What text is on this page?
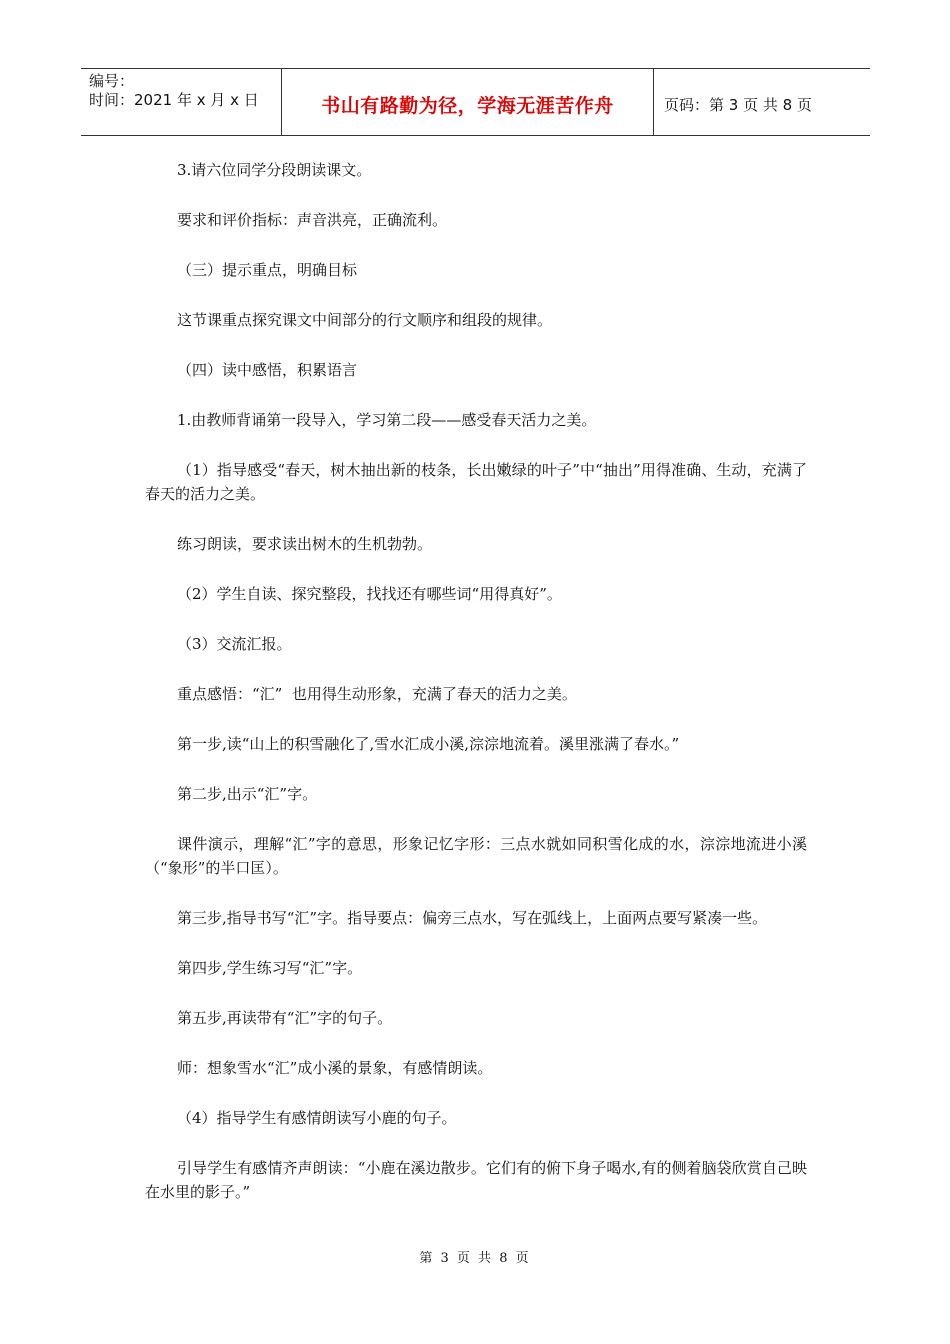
编号：
时间：2021 年 x 月 x 日	书山有路勤为径，学海无涯苦作舟	页码：第 3 页 共 8 页

3.请六位同学分段朗读课文。

要求和评价指标：声音洪亮，正确流利。

（三）提示重点，明确目标

这节课重点探究课文中间部分的行文顺序和组段的规律。

（四）读中感悟，积累语言

1.由教师背诵第一段导入，学习第二段——感受春天活力之美。

（1）指导感受“春天，树木抽出新的枝条，长出嫩绿的叶子”中“抽出”用得准确、生动，充满了春天的活力之美。

练习朗读，要求读出树木的生机勃勃。

（2）学生自读、探究整段，找找还有哪些词“用得真好”。

（3）交流汇报。

重点感悟：“汇”  也用得生动形象，充满了春天的活力之美。

第一步,读“山上的积雪融化了,雪水汇成小溪,淙淙地流着。溪里涨满了春水。”

第二步,出示“汇”字。

课件演示，理解“汇”字的意思，形象记忆字形：三点水就如同积雪化成的水，淙淙地流进小溪（“象形”的半口匡）。

第三步,指导书写“汇”字。指导要点：偏旁三点水，写在弧线上，上面两点要写紧凑一些。

第四步,学生练习写“汇”字。

第五步,再读带有“汇”字的句子。

师：想象雪水“汇”成小溪的景象，有感情朗读。

（4）指导学生有感情朗读写小鹿的句子。

引导学生有感情齐声朗读：“小鹿在溪边散步。它们有的俯下身子喝水,有的侧着脑袋欣赏自己映在水里的影子。”

第 3 页 共 8 页
